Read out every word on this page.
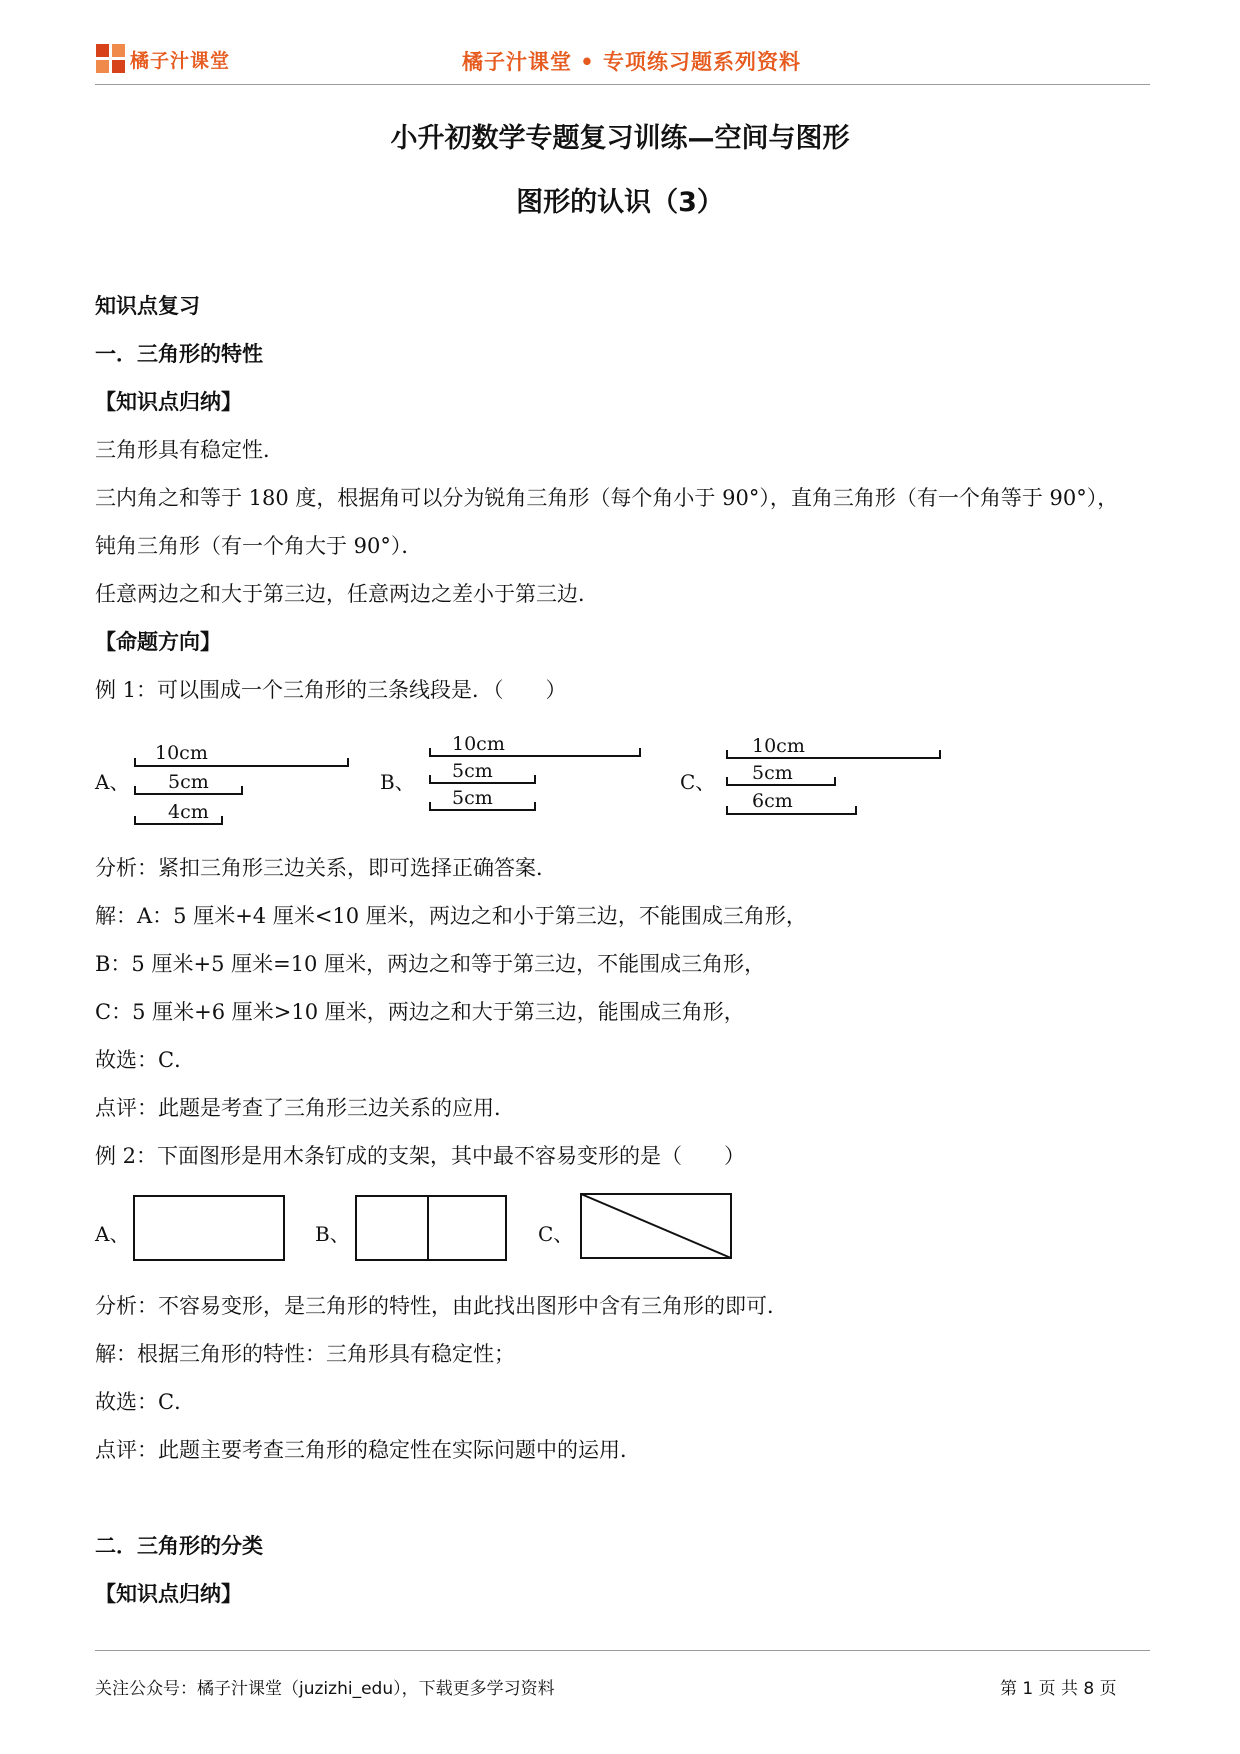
橘子汁课堂	橘子汁课堂 • 专项练习题系列资料
小升初数学专题复习训练—空间与图形
图形的认识（3）
知识点复习
一．三角形的特性
【知识点归纳】
三角形具有稳定性．
三内角之和等于 180 度，根据角可以分为锐角三角形（每个角小于 90°），直角三角形（有一个角等于 90°），
钝角三角形（有一个角大于 90°）．
任意两边之和大于第三边，任意两边之差小于第三边．
【命题方向】
例 1：可以围成一个三角形的三条线段是．（　　）
A、	B、	C、
10cm
5cm
4cm
10cm
5cm
5cm
10cm
5cm
6cm
分析：紧扣三角形三边关系，即可选择正确答案．
解：A：5 厘米+4 厘米<10 厘米，两边之和小于第三边，不能围成三角形，
B：5 厘米+5 厘米=10 厘米，两边之和等于第三边，不能围成三角形，
C：5 厘米+6 厘米>10 厘米，两边之和大于第三边，能围成三角形，
故选：C．
点评：此题是考查了三角形三边关系的应用．
例 2：下面图形是用木条钉成的支架，其中最不容易变形的是（　　）
A、	B、	C、
分析：不容易变形，是三角形的特性，由此找出图形中含有三角形的即可．
解：根据三角形的特性：三角形具有稳定性；
故选：C．
点评：此题主要考查三角形的稳定性在实际问题中的运用．
二．三角形的分类
【知识点归纳】
关注公众号：橘子汁课堂（juzizhi_edu），下载更多学习资料	第 1 页 共 8 页
